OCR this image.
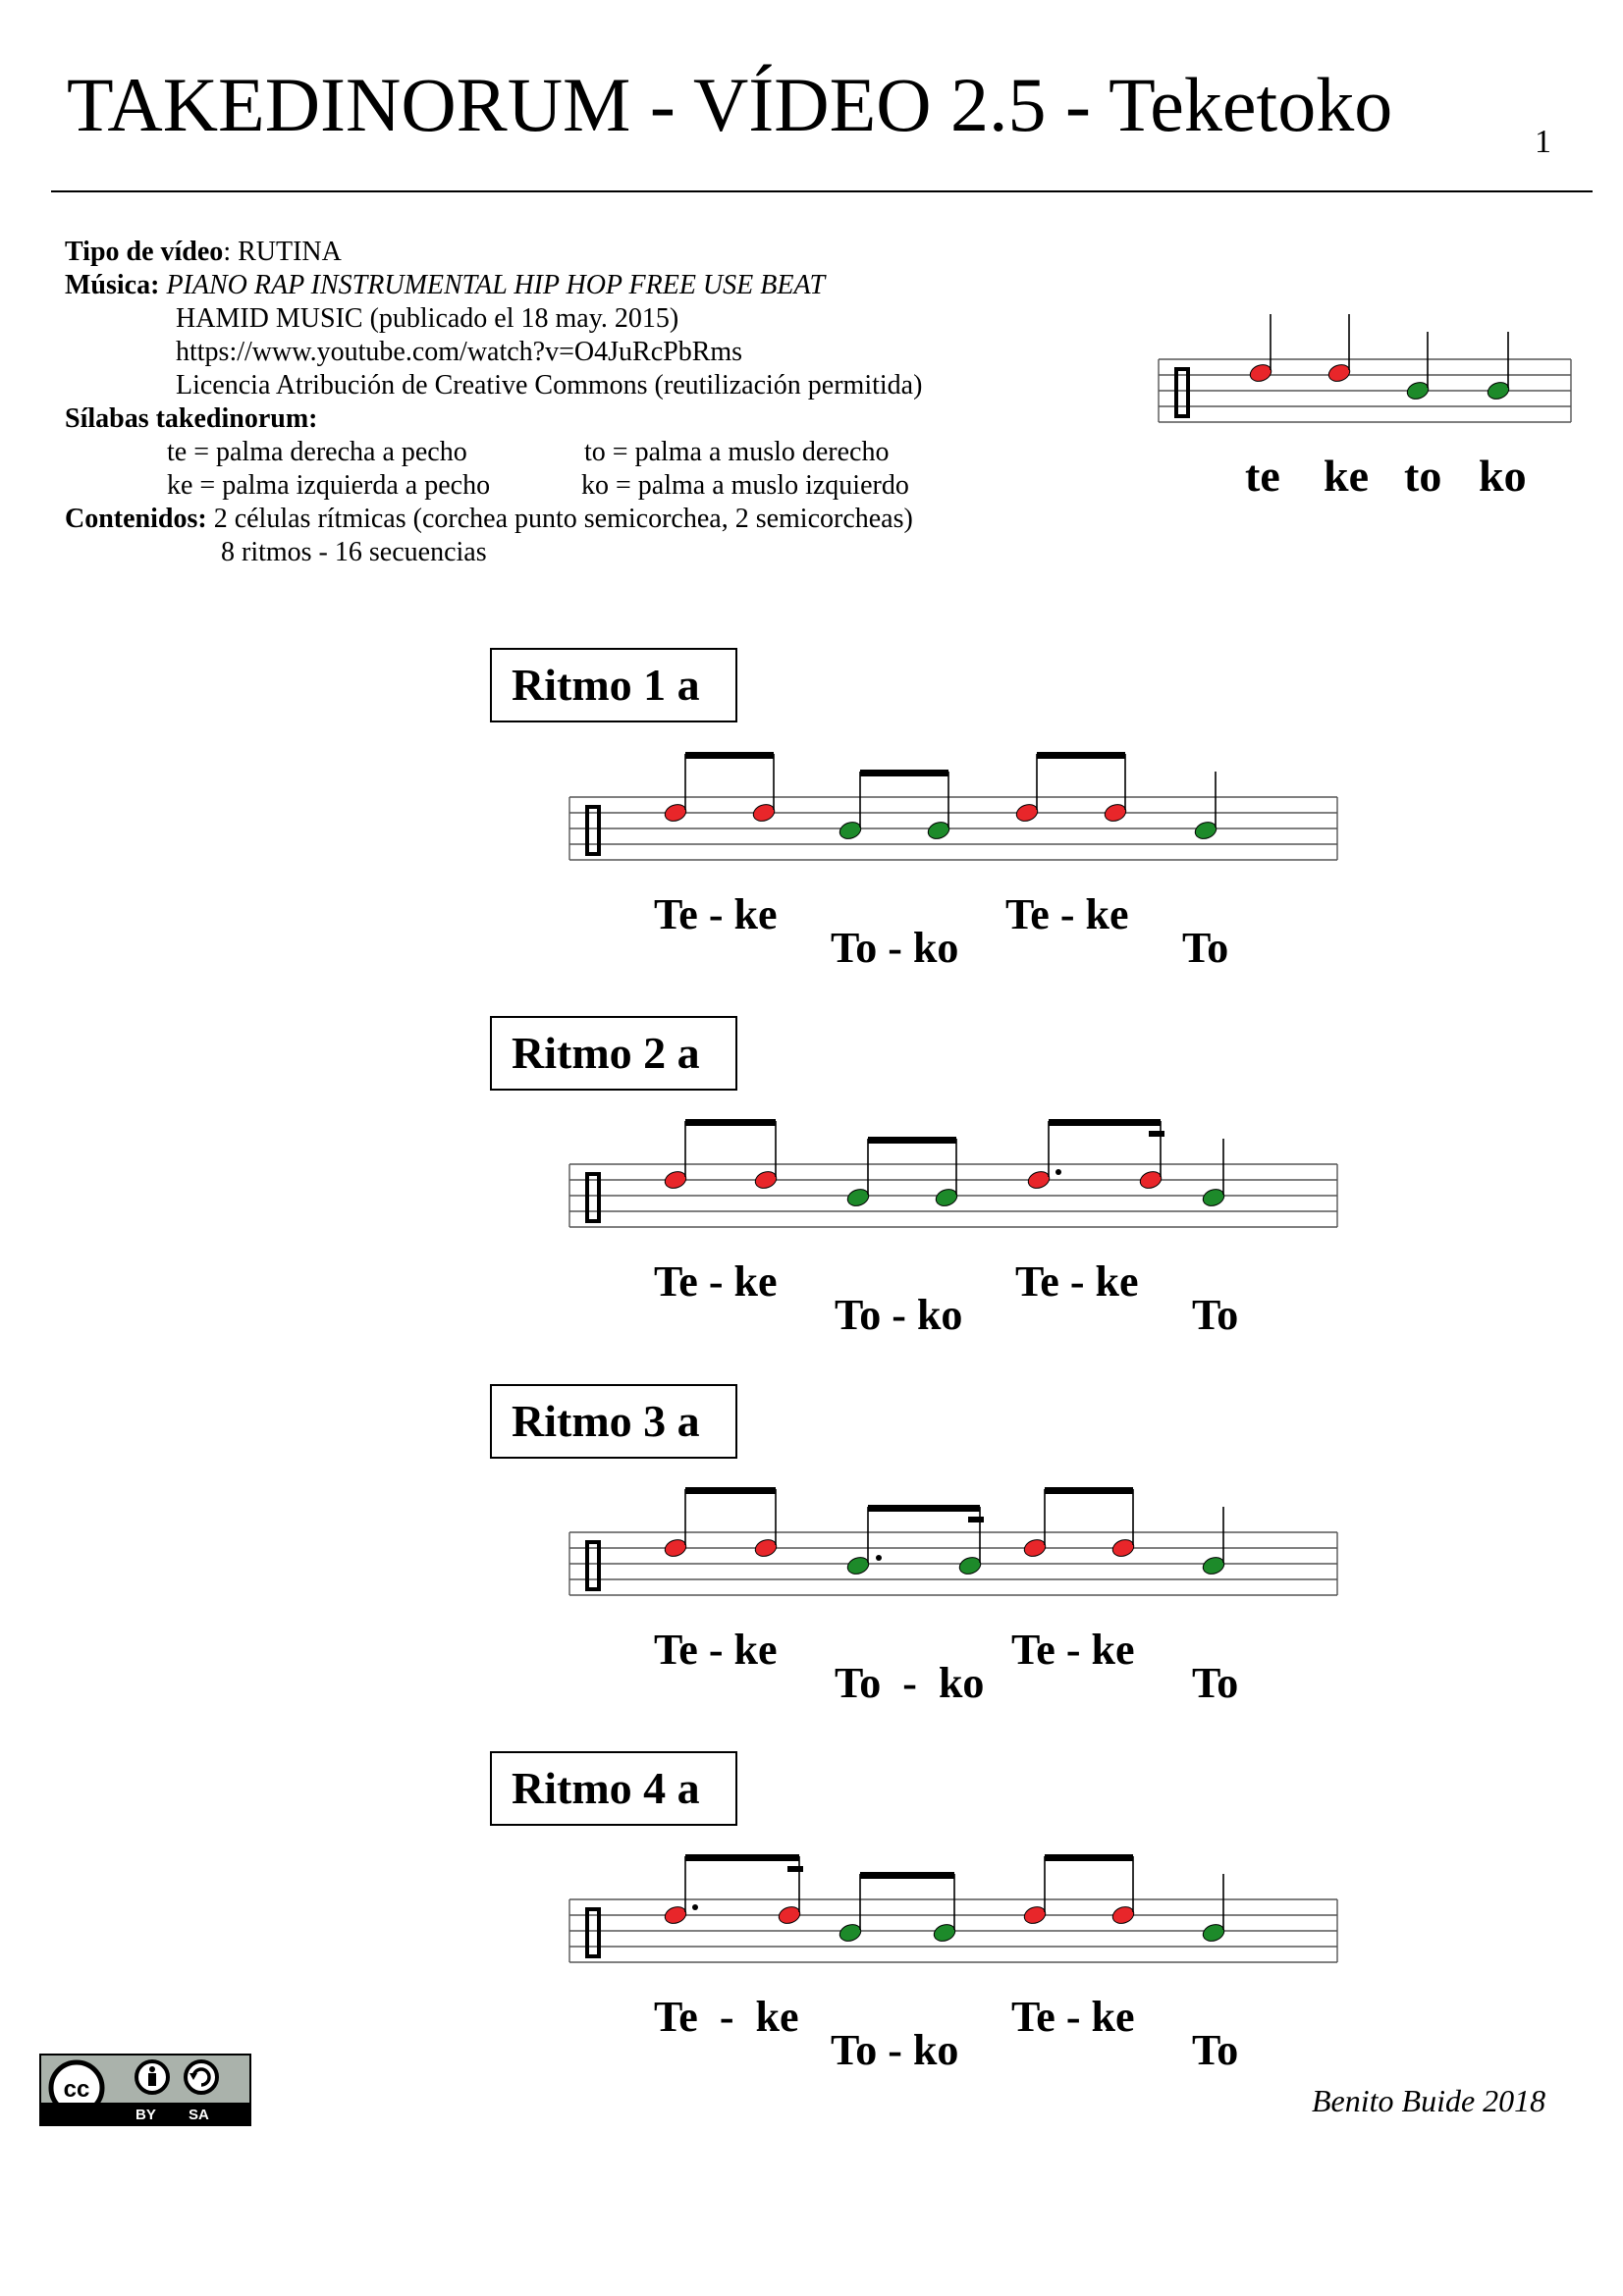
TAKEDINORUM - VÍDEO 2.5 - Teketoko	1
Tipo de vídeo: RUTINA
Música: PIANO RAP INSTRUMENTAL HIP HOP FREE USE BEAT
HAMID MUSIC (publicado el 18 may. 2015)
https://www.youtube.com/watch?v=O4JuRcPbRms
Licencia Atribución de Creative Commons (reutilización permitida)
Sílabas takedinorum:
te = palma derecha a pecho	to = palma a muslo derecho
ke = palma izquierda a pecho	ko = palma a muslo izquierdo
Contenidos: 2 células rítmicas (corchea punto semicorchea, 2 semicorcheas)
8 ritmos - 16 secuencias
te ke to ko
Ritmo 1 a
Ritmo 2 a
Ritmo 3 a
Ritmo 4 a
Te - ke
To - ko
Te - ke
To
Te - ke
To - ko
Te - ke
To
Te - ke
To  -  ko
Te - ke
To
Te  -  ke
To - ko
Te - ke
To
Benito Buide 2018
cc
BY SA
